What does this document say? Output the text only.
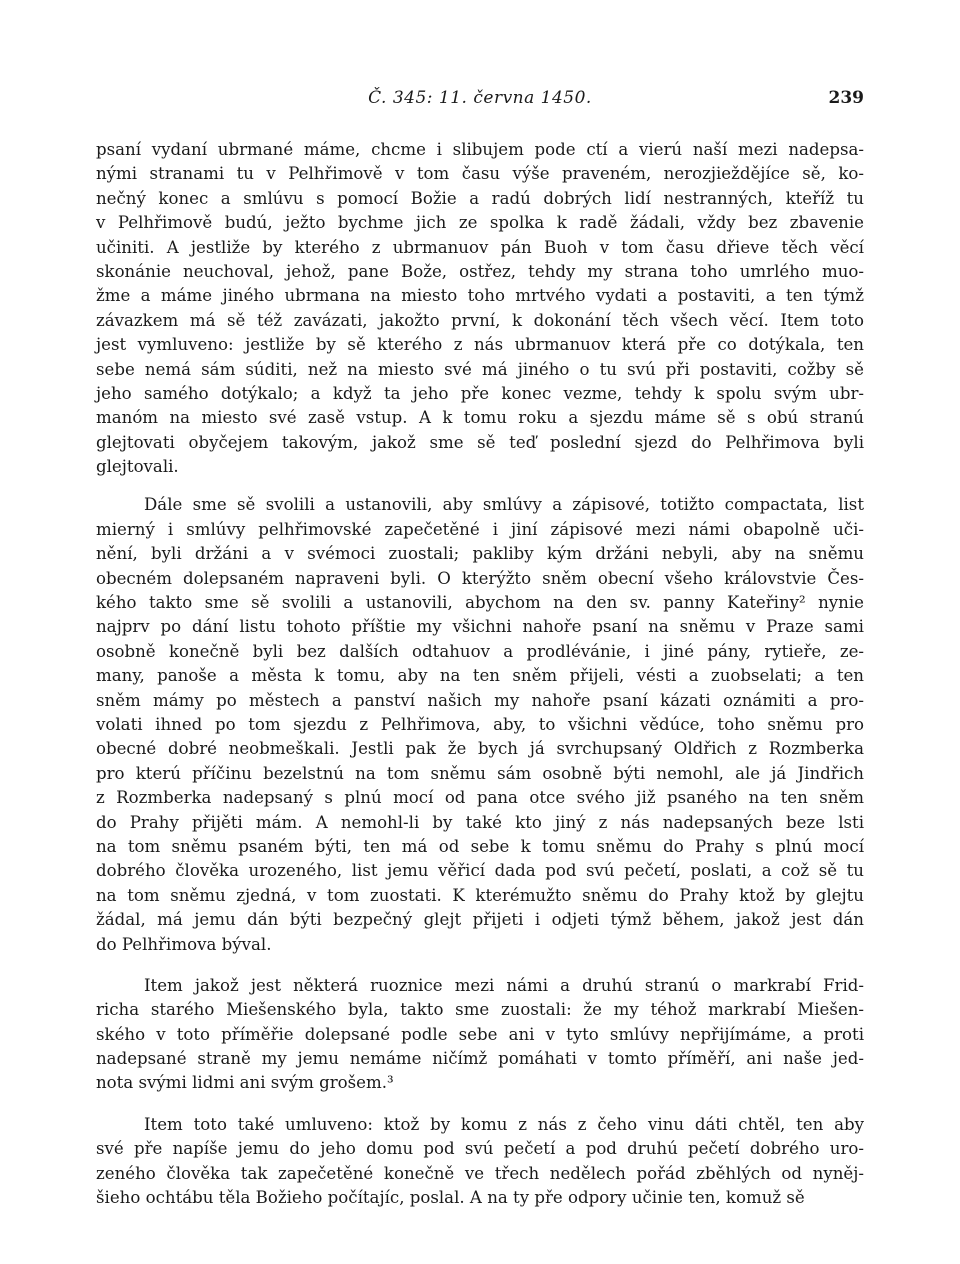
Č. 345: 11. června 1450.	239
psaní vydaní ubrmané máme, chcme i slibujem pode ctí a vierú naší mezi nadepsa-
nými stranami tu v Pelhřimově v tom času výše praveném, nerozjieždějíce sě, ko-
nečný konec a smlúvu s pomocí Božie a radú dobrých lidí nestranných, kteříž tu
v Pelhřimově budú, ježto bychme jich ze spolka k radě žádali, vždy bez zbavenie
učiniti. A jestliže by kterého z ubrmanuov pán Buoh v tom času dřieve těch věcí
skonánie neuchoval, jehož, pane Bože, ostřez, tehdy my strana toho umrlého muo-
žme a máme jiného ubrmana na miesto toho mrtvého vydati a postaviti, a ten týmž
závazkem má sě též zavázati, jakožto první, k dokonání těch všech věcí. Item toto
jest vymluveno: jestliže by sě kterého z nás ubrmanuov která pře co dotýkala, ten
sebe nemá sám súditi, než na miesto své má jiného o tu svú při postaviti, cožby sě
jeho samého dotýkalo; a když ta jeho pře konec vezme, tehdy k spolu svým ubr-
manóm na miesto své zasě vstup. A k tomu roku a sjezdu máme sě s obú stranú
glejtovati obyčejem takovým, jakož sme sě teď poslední sjezd do Pelhřimova byli
glejtovali.
Dále sme sě svolili a ustanovili, aby smlúvy a zápisové, totižto compactata, list
mierný i smlúvy pelhřimovské zapečetěné i jiní zápisové mezi námi obapolně uči-
nění, byli držáni a v svémoci zuostali; pakliby kým držáni nebyli, aby na sněmu
obecném dolepsaném napraveni byli. O kterýžto sněm obecní všeho královstvie Čes-
kého takto sme sě svolili a ustanovili, abychom na den sv. panny Kateřiny² nynie
najprv po dání listu tohoto příštie my všichni nahoře psaní na sněmu v Praze sami
osobně konečně byli bez dalších odtahuov a prodlévánie, i jiné pány, rytieře, ze-
many, panoše a města k tomu, aby na ten sněm přijeli, vésti a zuobselati; a ten
sněm mámy po městech a panství našich my nahoře psaní kázati oznámiti a pro-
volati ihned po tom sjezdu z Pelhřimova, aby, to všichni vědúce, toho sněmu pro
obecné dobré neobmeškali. Jestli pak že bych já svrchupsaný Oldřich z Rozmberka
pro kterú příčinu bezelstnú na tom sněmu sám osobně býti nemohl, ale já Jindřich
z Rozmberka nadepsaný s plnú mocí od pana otce svého již psaného na ten sněm
do Prahy přijěti mám. A nemohl-li by také kto jiný z nás nadepsaných beze lsti
na tom sněmu psaném býti, ten má od sebe k tomu sněmu do Prahy s plnú mocí
dobrého člověka urozeného, list jemu věřicí dada pod svú pečetí, poslati, a což sě tu
na tom sněmu zjedná, v tom zuostati. K kterémužto sněmu do Prahy ktož by glejtu
žádal, má jemu dán býti bezpečný glejt přijeti i odjeti týmž během, jakož jest dán
do Pelhřimova býval.
Item jakož jest některá ruoznice mezi námi a druhú stranú o markrabí Frid-
richa starého Miešenského byla, takto sme zuostali: že my téhož markrabí Miešen-
ského v toto příměřie dolepsané podle sebe ani v tyto smlúvy nepřijímáme, a proti
nadepsané straně my jemu nemáme ničímž pomáhati v tomto příměří, ani naše jed-
nota svými lidmi ani svým grošem.³
Item toto také umluveno: ktož by komu z nás z čeho vinu dáti chtěl, ten aby
své pře napíše jemu do jeho domu pod svú pečetí a pod druhú pečetí dobrého uro-
zeného člověka tak zapečetěné konečně ve třech nedělech pořád zběhlých od nyněj-
šieho ochtábu těla Božieho počítajíc, poslal. A na ty pře odpory učinie ten, komuž sě
